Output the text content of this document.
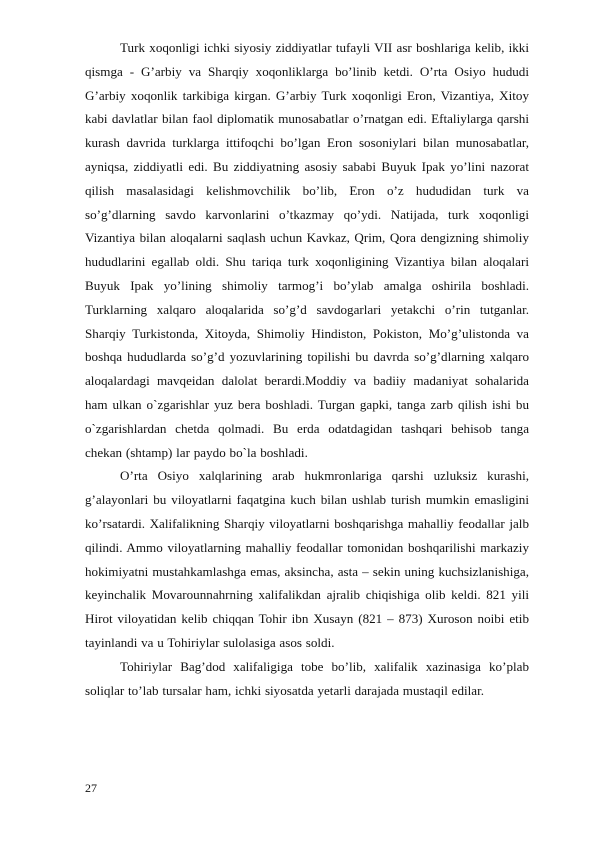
Turk xoqonligi ichki siyosiy ziddiyatlar tufayli VII asr boshlariga kelib, ikki qismga - G’arbiy va Sharqiy xoqonliklarga bo’linib ketdi. O’rta Osiyo hududi G’arbiy xoqonlik tarkibiga kirgan. G’arbiy Turk xoqonligi Eron, Vizantiya, Xitoy kabi davlatlar bilan faol diplomatik munosabatlar o’rnatgan edi. Eftaliylarga qarshi kurash davrida turklarga ittifoqchi bo’lgan Eron sosoniylari bilan munosabatlar, ayniqsa, ziddiyatli edi. Bu ziddiyatning asosiy sababi Buyuk Ipak yo’lini nazorat qilish masalasidagi kelishmovchilik bo’lib, Eron o’z hududidan turk va so’g’dlarning savdo karvonlarini o’tkazmay qo’ydi. Natijada, turk xoqonligi Vizantiya bilan aloqalarni saqlash uchun Kavkaz, Qrim, Qora dengizning shimoliy hududlarini egallab oldi. Shu tariqa turk xoqonligining Vizantiya bilan aloqalari Buyuk Ipak yo’lining shimoliy tarmog’i bo’ylab amalga oshirila boshladi. Turklarning xalqaro aloqalarida so’g’d savdogarlari yetakchi o’rin tutganlar. Sharqiy Turkistonda, Xitoyda, Shimoliy Hindiston, Pokiston, Mo’g’ulistonda va boshqa hududlarda so’g’d yozuvlarining topilishi bu davrda so’g’dlarning xalqaro aloqalardagi mavqeidan dalolat berardi.Moddiy va badiiy madaniyat sohalarida ham ulkan o`zgarishlar yuz bera boshladi. Turgan gapki, tanga zarb qilish ishi bu o`zgarishlardan chetda qolmadi. Bu erda odatdagidan tashqari behisob tanga chekan (shtamp) lar paydo bo`la boshladi.

O’rta Osiyo xalqlarining arab hukmronlariga qarshi uzluksiz kurashi, g’alayonlari bu viloyatlarni faqatgina kuch bilan ushlab turish mumkin emasligini ko’rsatardi. Xalifalikning Sharqiy viloyatlarni boshqarishga mahalliy feodallar jalb qilindi. Ammo viloyatlarning mahalliy feodallar tomonidan boshqarilishi markaziy hokimiyatni mustahkamlashga emas, aksincha, asta – sekin uning kuchsizlanishiga, keyinchalik Movarounnahrning xalifalikdan ajralib chiqishiga olib keldi. 821 yili Hirot viloyatidan kelib chiqqan Tohir ibn Xusayn (821 – 873) Xuroson noibi etib tayinlandi va u Tohiriylar sulolasiga asos soldi.

Tohiriylar Bag’dod xalifaligiga tobe bo’lib, xalifalik xazinasiga ko’plab soliqlar to’lab tursalar ham, ichki siyosatda yetarli darajada mustaqil edilar.

27
